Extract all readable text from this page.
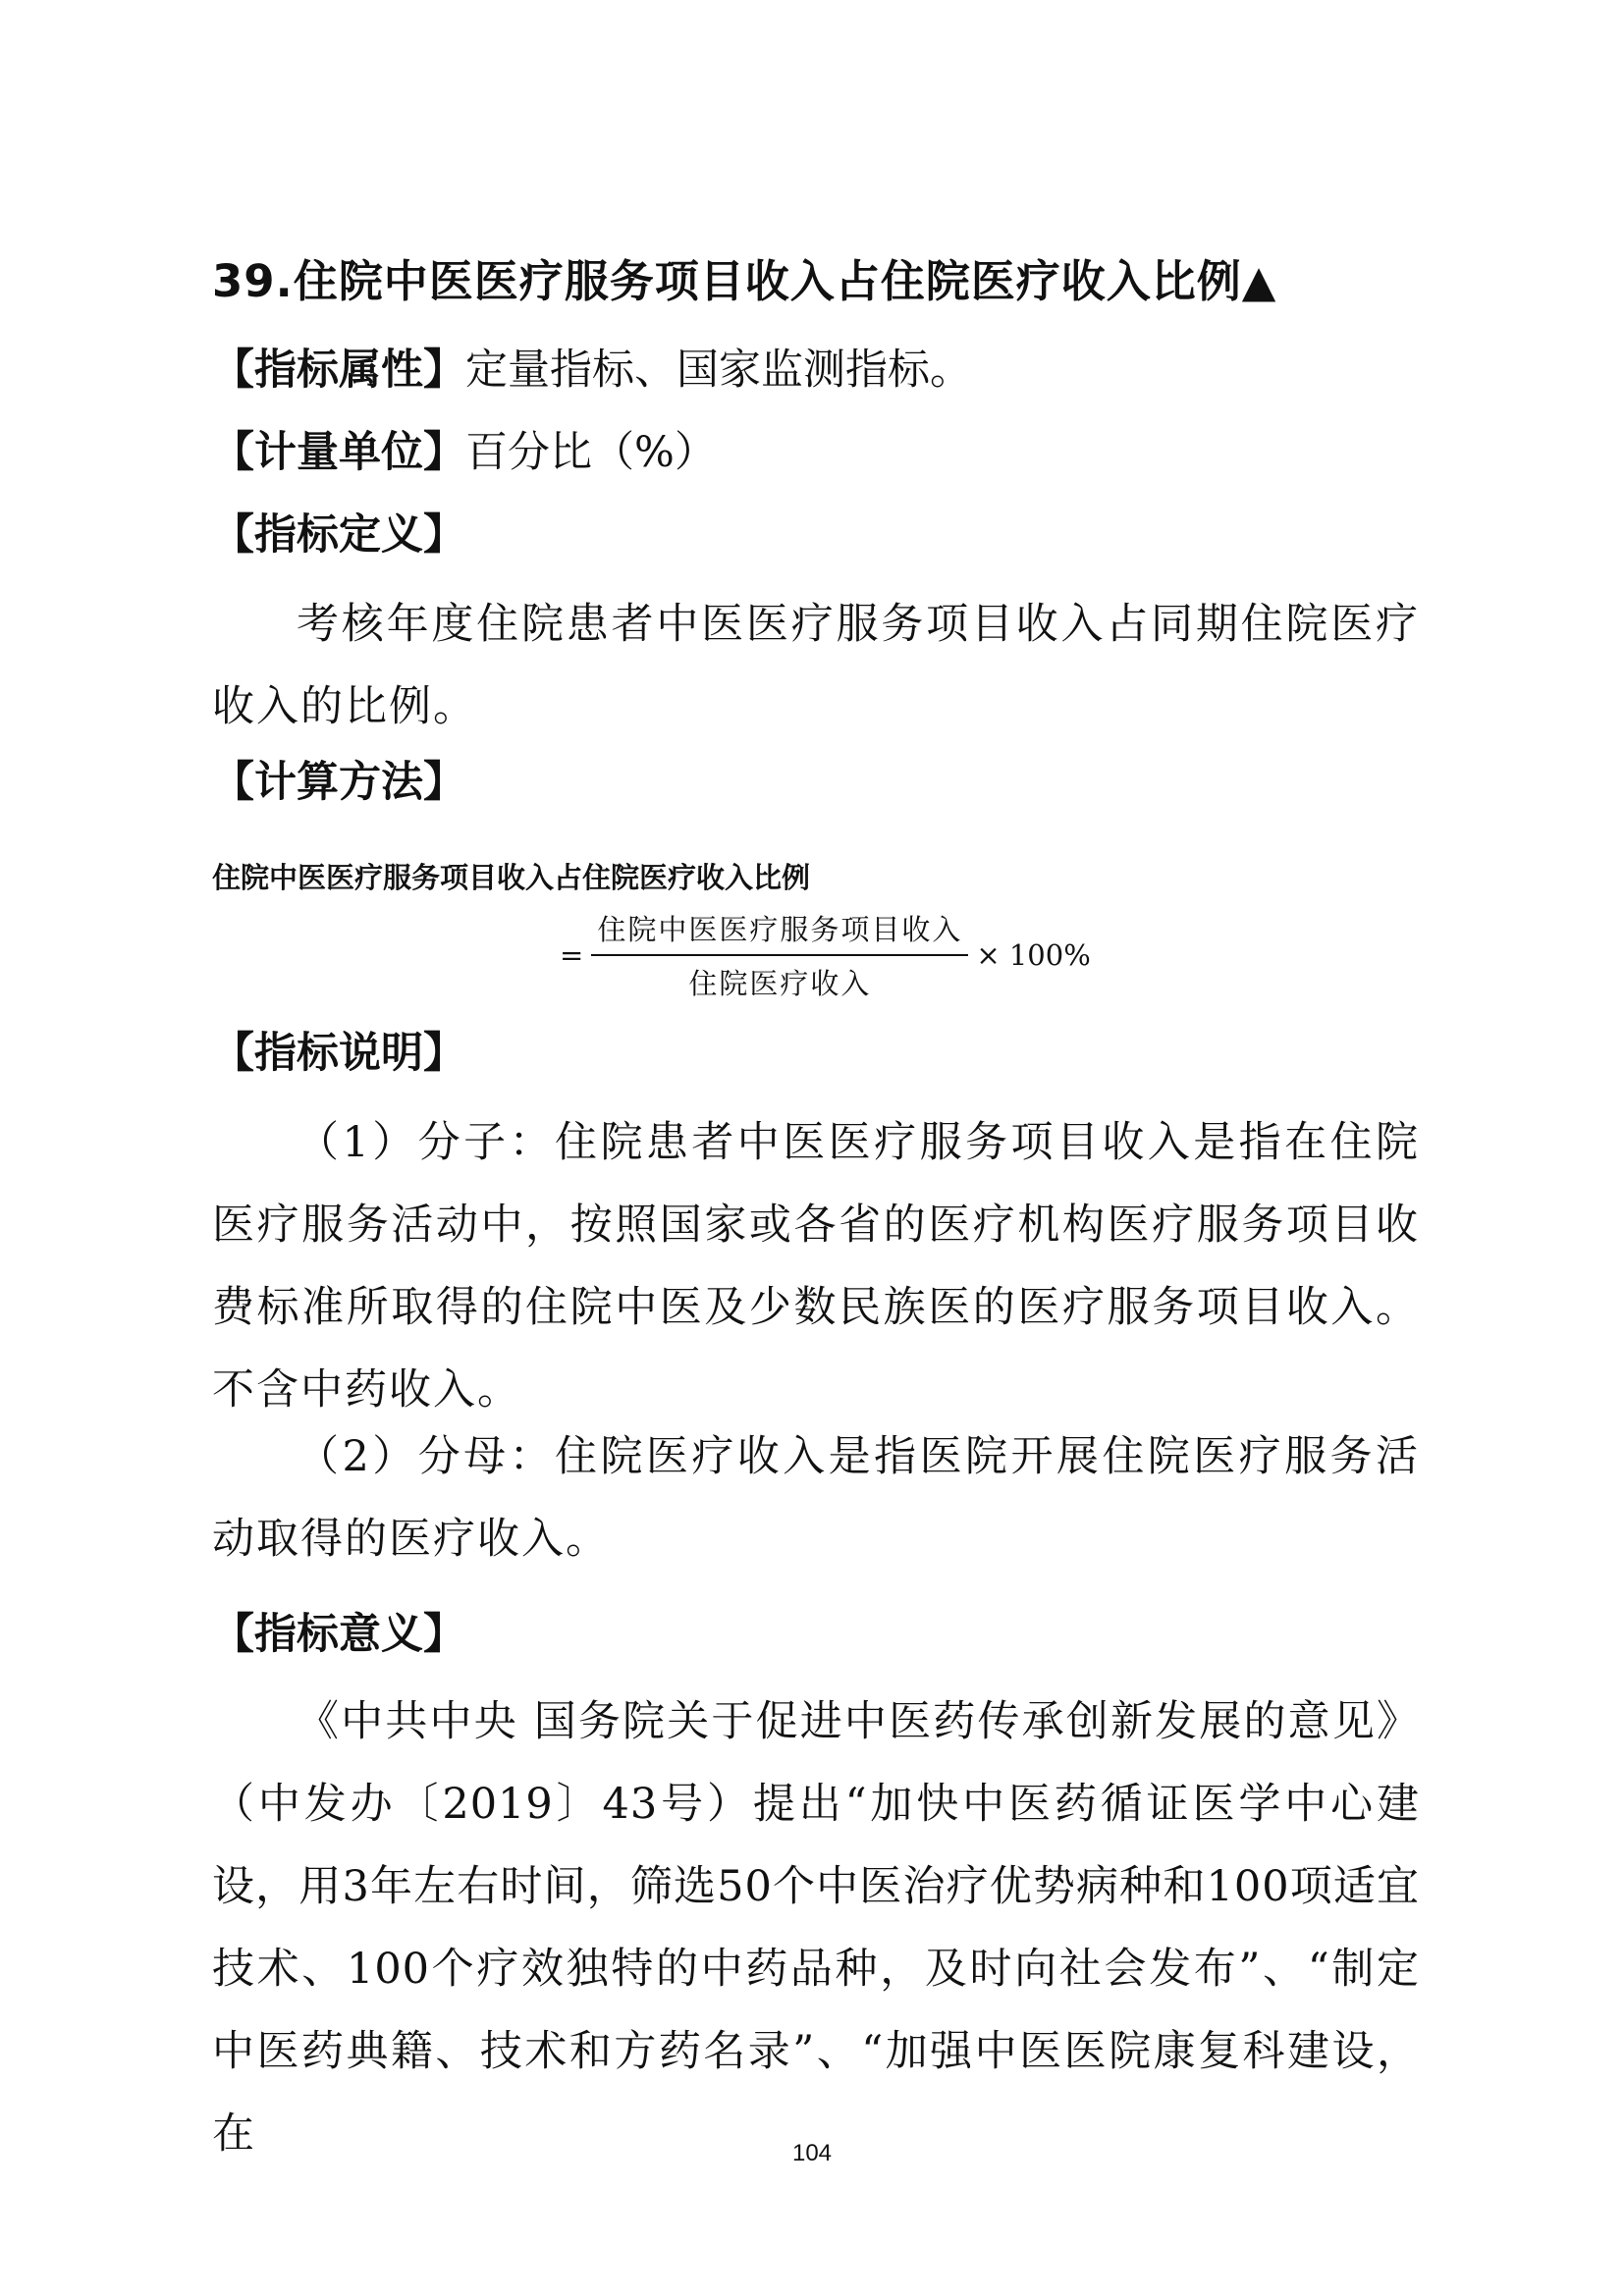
39.住院中医医疗服务项目收入占住院医疗收入比例▲
【指标属性】定量指标、国家监测指标。
【计量单位】百分比（%）
【指标定义】

考核年度住院患者中医医疗服务项目收入占同期住院医疗收入的比例。

【计算方法】
住院中医医疗服务项目收入占住院医疗收入比例
= $\frac{\text{住院中医医疗服务项目收入}}{\text{住院医疗收入}} \times 100\%$
【指标说明】

（1）分子：住院患者中医医疗服务项目收入是指在住院医疗服务活动中，按照国家或各省的医疗机构医疗服务项目收费标准所取得的住院中医及少数民族医的医疗服务项目收入。不含中药收入。

（2）分母：住院医疗收入是指医院开展住院医疗服务活动取得的医疗收入。

【指标意义】

《中共中央 国务院关于促进中医药传承创新发展的意见》（中发办〔2019〕43号）提出“加快中医药循证医学中心建设，用3年左右时间，筛选50个中医治疗优势病种和100项适宜技术、100个疗效独特的中药品种，及时向社会发布”、“制定中医药典籍、技术和方药名录”、“加强中医医院康复科建设，在	104
